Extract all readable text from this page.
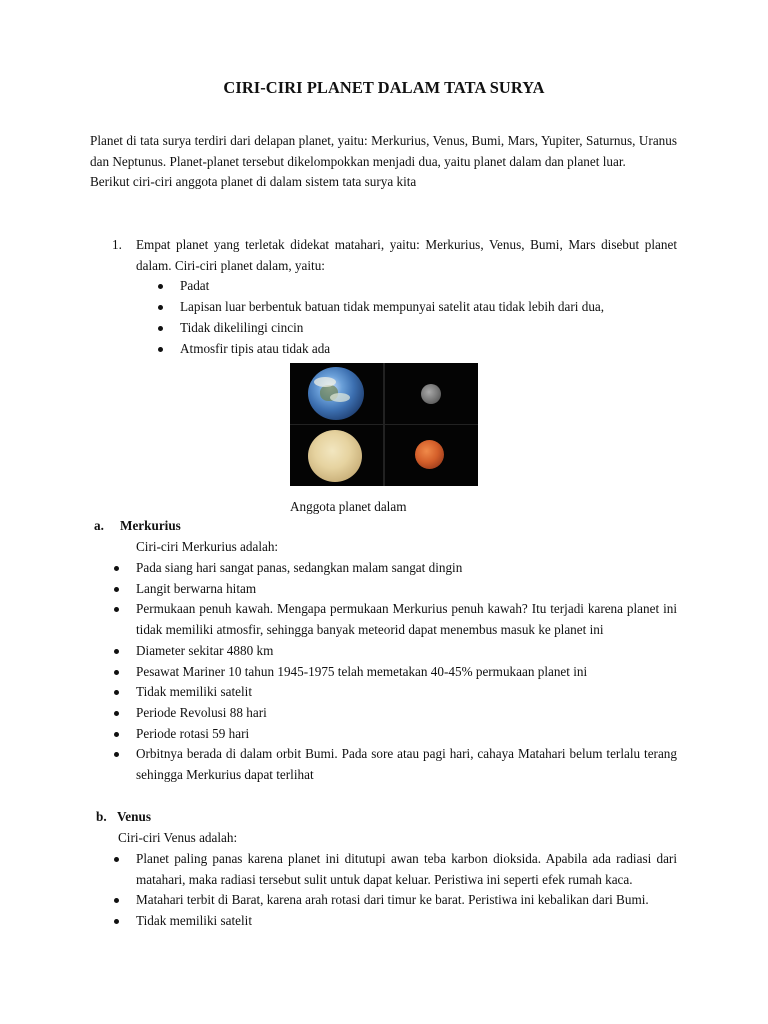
CIRI-CIRI PLANET DALAM TATA SURYA

Planet di tata surya terdiri dari delapan planet, yaitu: Merkurius, Venus, Bumi, Mars, Yupiter, Saturnus, Uranus dan Neptunus. Planet-planet tersebut dikelompokkan menjadi dua, yaitu planet dalam dan planet luar.

Berikut ciri-ciri anggota planet di dalam sistem tata surya kita

1. Empat planet yang terletak didekat matahari, yaitu: Merkurius, Venus, Bumi, Mars disebut planet dalam. Ciri-ciri planet dalam, yaitu:
Padat
Lapisan luar berbentuk batuan tidak mempunyai satelit atau tidak lebih dari dua,
Tidak dikelilingi cincin
Atmosfir tipis atau tidak ada
Anggota planet dalam
a. Merkurius
Ciri-ciri Merkurius adalah:
Pada siang hari sangat panas, sedangkan malam sangat dingin
Langit berwarna hitam
Permukaan penuh kawah. Mengapa permukaan Merkurius penuh kawah? Itu terjadi karena planet ini tidak memiliki atmosfir, sehingga banyak meteorid dapat menembus masuk ke planet ini
Diameter sekitar 4880 km
Pesawat Mariner 10 tahun 1945-1975 telah memetakan 40-45% permukaan planet ini
Tidak memiliki satelit
Periode Revolusi 88 hari
Periode rotasi 59 hari
Orbitnya berada di dalam orbit Bumi. Pada sore atau pagi hari, cahaya Matahari belum terlalu terang sehingga Merkurius dapat terlihat
b. Venus
Ciri-ciri Venus adalah:
Planet paling panas karena planet ini ditutupi awan teba karbon dioksida. Apabila ada radiasi dari matahari, maka radiasi tersebut sulit untuk dapat keluar. Peristiwa ini seperti efek rumah kaca.
Matahari terbit di Barat, karena arah rotasi dari timur ke barat. Peristiwa ini kebalikan dari Bumi.
Tidak memiliki satelit
